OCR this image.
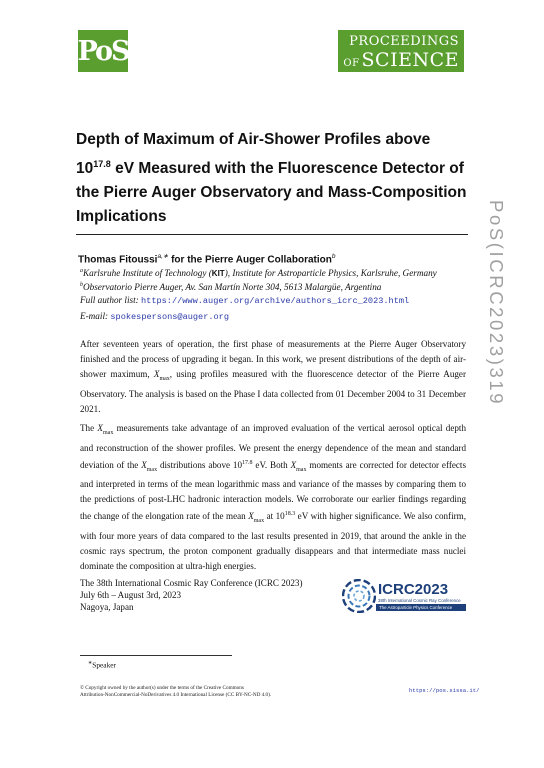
PoS	PROCEEDINGS
OF SCIENCE
Depth of Maximum of Air-Shower Profiles above
$10^{17.8}$ eV Measured with the Fluorescence Detector of
the Pierre Auger Observatory and Mass-Composition
Implications
Thomas Fitoussi$^{a,∗}$ for the Pierre Auger Collaboration$^b$
$^a$Karlsruhe Institute of Technology (KIT), Institute for Astroparticle Physics, Karlsruhe, Germany
$^b$Observatorio Pierre Auger, Av. San Martín Norte 304, 5613 Malargüe, Argentina
Full author list: https://www.auger.org/archive/authors_icrc_2023.html
E-mail: spokespersons@auger.org

After seventeen years of operation, the first phase of measurements at the Pierre Auger Observatory finished and the process of upgrading it began. In this work, we present distributions of the depth of air-shower maximum, $X_{max}$, using profiles measured with the fluorescence detector of the Pierre Auger Observatory. The analysis is based on the Phase I data collected from 01 December 2004 to 31 December 2021.

The $X_{max}$ measurements take advantage of an improved evaluation of the vertical aerosol optical depth and reconstruction of the shower profiles. We present the energy dependence of the mean and standard deviation of the $X_{max}$ distributions above $10^{17.8}$ eV. Both $X_{max}$ moments are corrected for detector effects and interpreted in terms of the mean logarithmic mass and variance of the masses by comparing them to the predictions of post-LHC hadronic interaction models. We corroborate our earlier findings regarding the change of the elongation rate of the mean $X_{max}$ at $10^{18.3}$ eV with higher significance. We also confirm, with four more years of data compared to the last results presented in 2019, that around the ankle in the cosmic rays spectrum, the proton component gradually disappears and that intermediate mass nuclei dominate the composition at ultra-high energies.

The 38th International Cosmic Ray Conference (ICRC 2023)
July 6th – August 3rd, 2023
Nagoya, Japan
ICRC2023
38th International Cosmic Ray Conference
The Astroparticle Physics Conference
∗Speaker
© Copyright owned by the author(s) under the terms of the Creative Commons
Attribution-NonCommercial-NoDerivatives 4.0 International License (CC BY-NC-ND 4.0).
https://pos.sissa.it/
PoS(ICRC2023)319
